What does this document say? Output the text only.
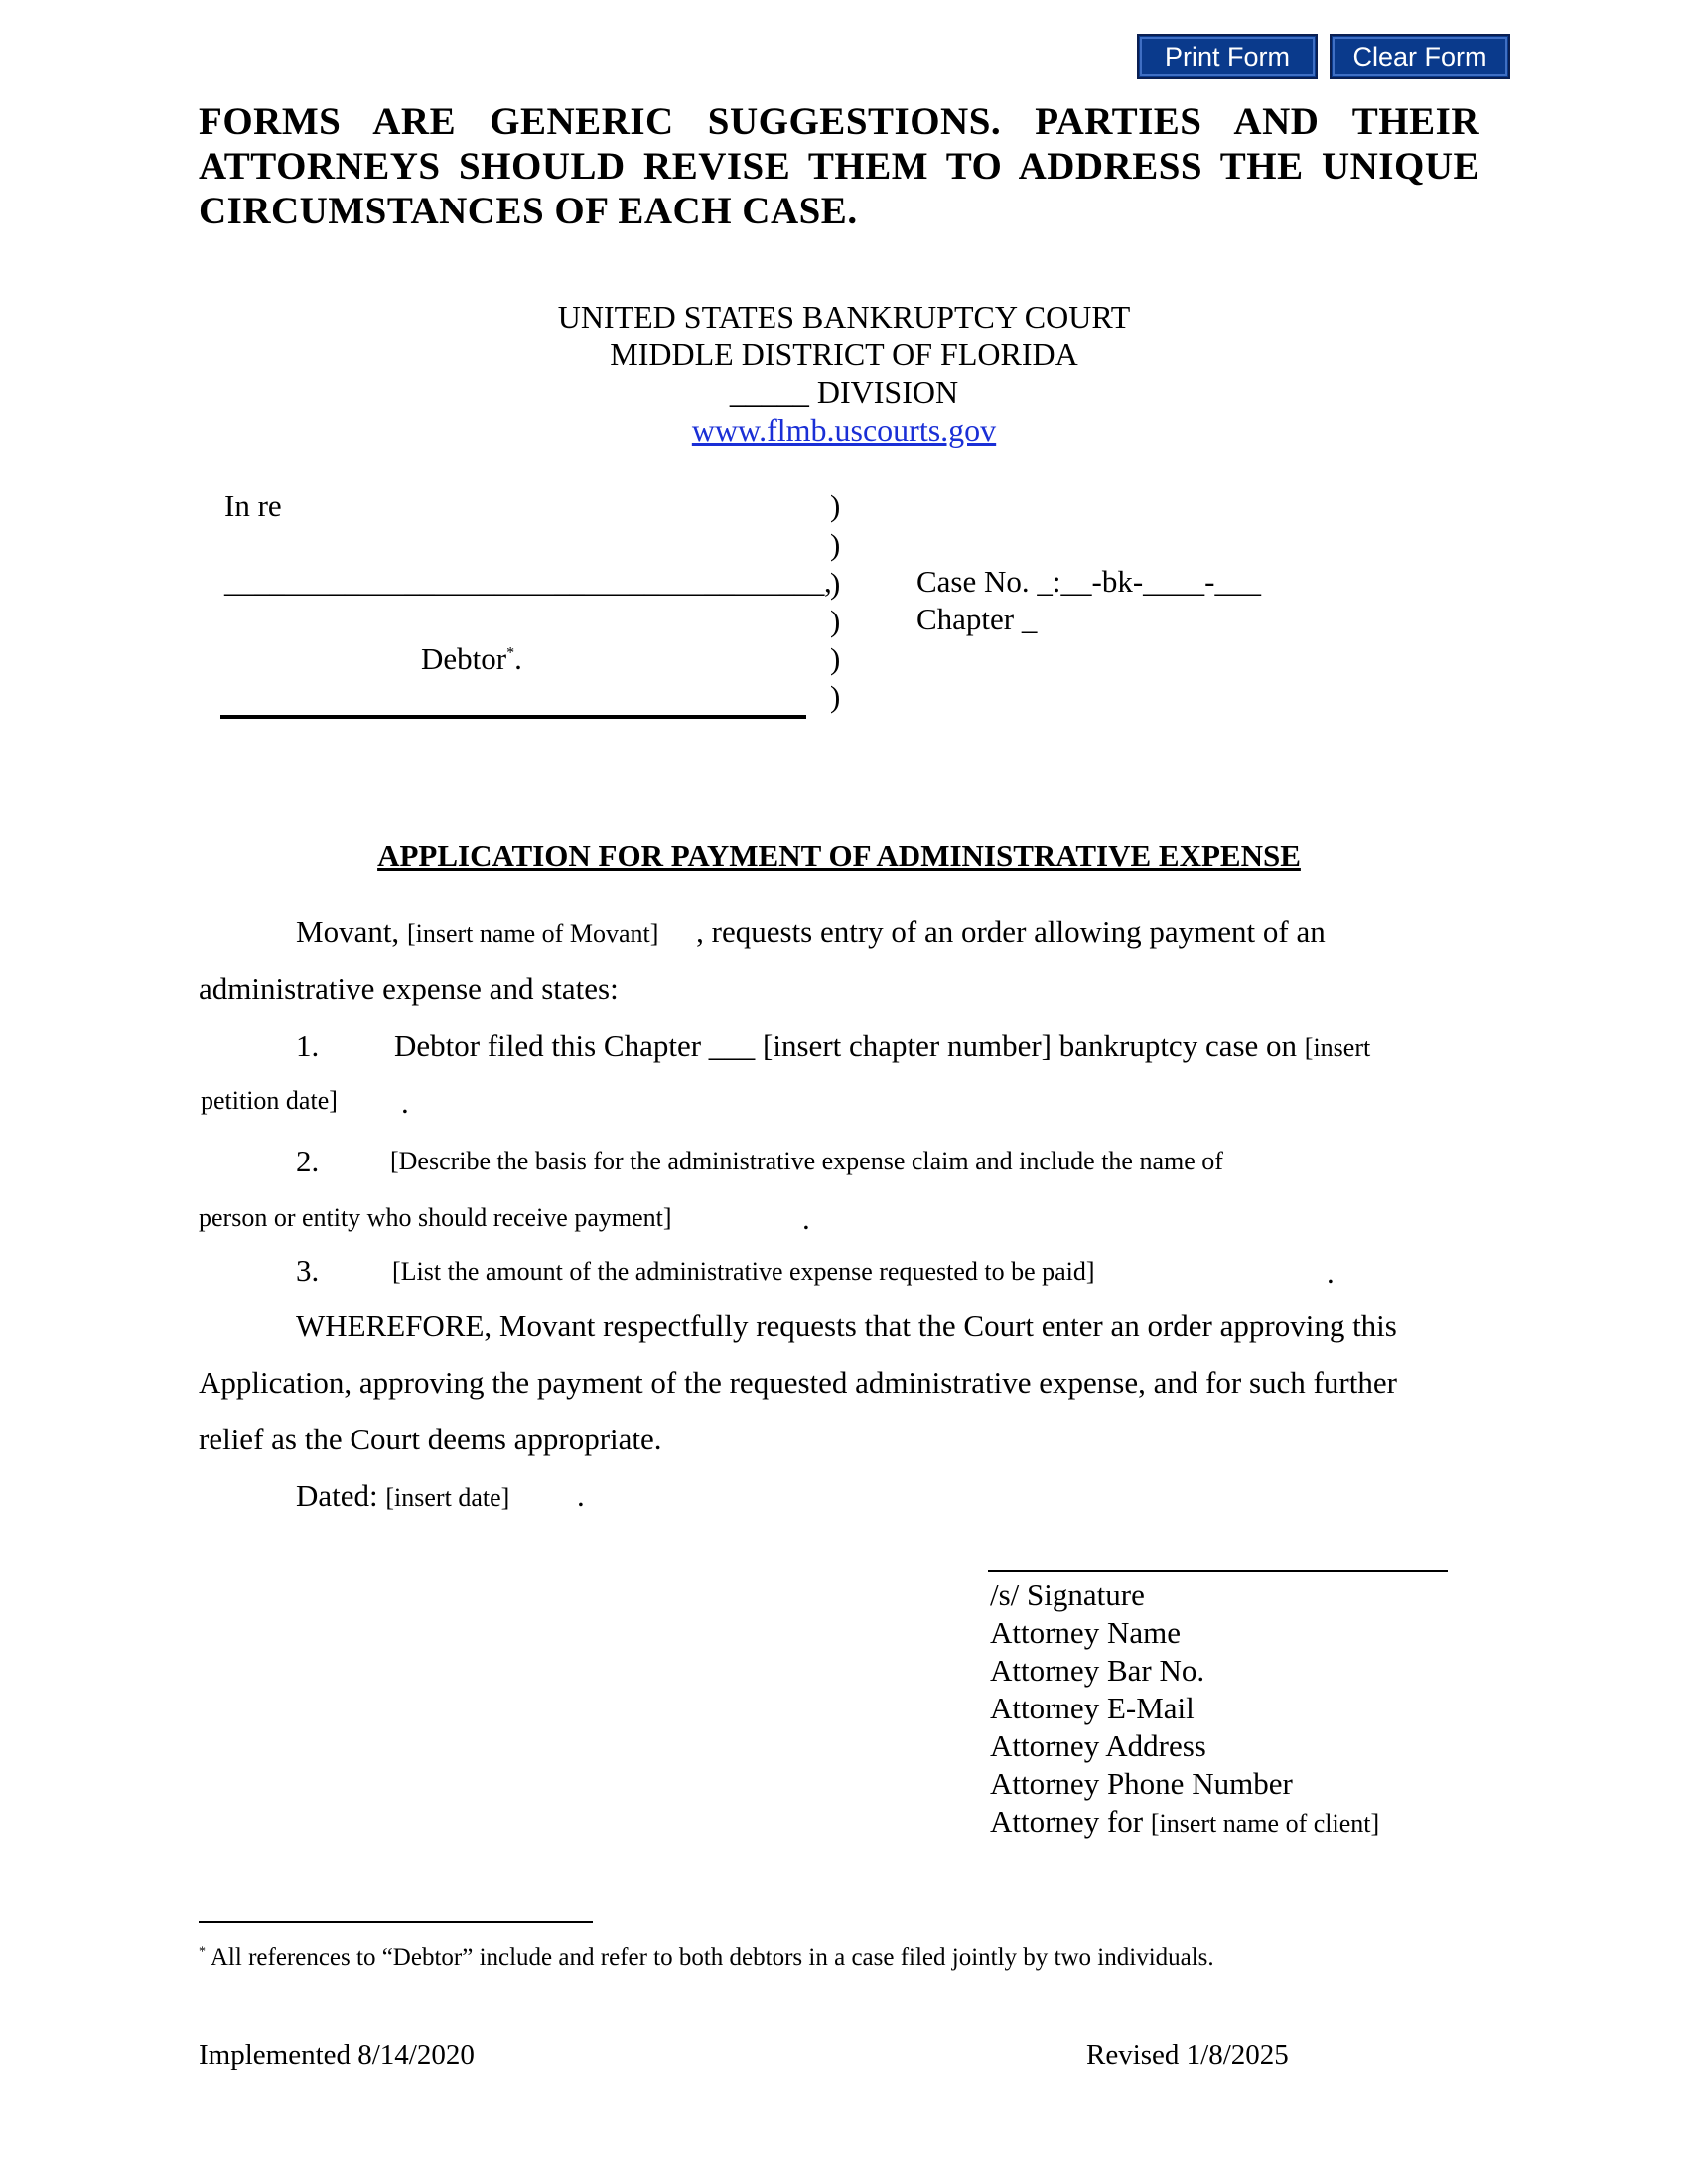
Print Form	Clear Form
FORMS ARE GENERIC SUGGESTIONS. PARTIES AND THEIR ATTORNEYS SHOULD REVISE THEM TO ADDRESS THE UNIQUE CIRCUMSTANCES OF EACH CASE.
UNITED STATES BANKRUPTCY COURT
MIDDLE DISTRICT OF FLORIDA
_____ DIVISION
www.flmb.uscourts.gov
In re
________________________________________,
Debtor*.
)
)
)
)
)
)
Case No. _:__-bk-____-___
Chapter _
APPLICATION FOR PAYMENT OF ADMINISTRATIVE EXPENSE
Movant, [insert name of Movant] , requests entry of an order allowing payment of an
administrative expense and states:
1. Debtor filed this Chapter ___ [insert chapter number] bankruptcy case on [insert
petition date] .
2.	[Describe the basis for the administrative expense claim and include the name of
person or entity who should receive payment]	.
3.	[List the amount of the administrative expense requested to be paid]	.
WHEREFORE, Movant respectfully requests that the Court enter an order approving this
Application, approving the payment of the requested administrative expense, and for such further
relief as the Court deems appropriate.
Dated: [insert date] .
/s/ Signature
Attorney Name
Attorney Bar No.
Attorney E-Mail
Attorney Address
Attorney Phone Number
Attorney for [insert name of client]
* All references to “Debtor” include and refer to both debtors in a case filed jointly by two individuals.
Implemented 8/14/2020	Revised 1/8/2025
